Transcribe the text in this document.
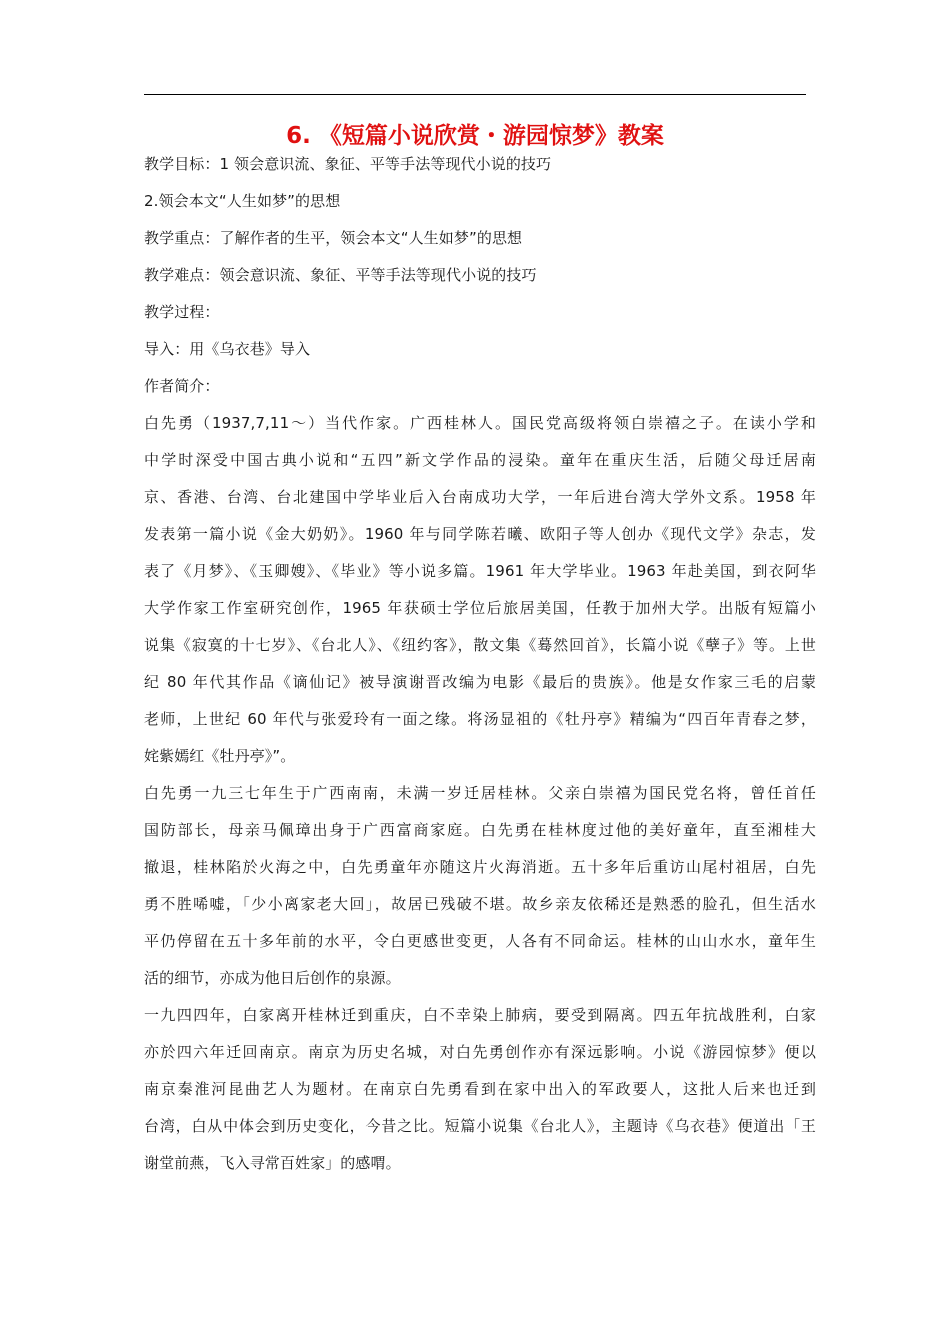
6. 《短篇小说欣赏・游园惊梦》教案
教学目标：1 领会意识流、象征、平等手法等现代小说的技巧
2.领会本文“人生如梦”的思想
教学重点：了解作者的生平，领会本文“人生如梦”的思想
教学难点：领会意识流、象征、平等手法等现代小说的技巧
教学过程：
导入：用《乌衣巷》导入
作者简介：
白先勇（1937,7,11～）当代作家。广西桂林人。国民党高级将领白崇禧之子。在读小学和
中学时深受中国古典小说和“五四”新文学作品的浸染。童年在重庆生活，后随父母迁居南
京、香港、台湾、台北建国中学毕业后入台南成功大学，一年后进台湾大学外文系。1958 年
发表第一篇小说《金大奶奶》。1960 年与同学陈若曦、欧阳子等人创办《现代文学》杂志，发
表了《月梦》、《玉卿嫂》、《毕业》等小说多篇。1961 年大学毕业。1963 年赴美国，到衣阿华
大学作家工作室研究创作，1965 年获硕士学位后旅居美国，任教于加州大学。出版有短篇小
说集《寂寞的十七岁》、《台北人》、《纽约客》，散文集《蓦然回首》，长篇小说《孽子》等。上世
纪 80 年代其作品《谪仙记》被导演谢晋改编为电影《最后的贵族》。他是女作家三毛的启蒙
老师，上世纪 60 年代与张爱玲有一面之缘。将汤显祖的《牡丹亭》精编为“四百年青春之梦，
姹紫嫣红《牡丹亭》”。
白先勇一九三七年生于广西南南，未满一岁迁居桂林。父亲白崇禧为国民党名将，曾任首任
国防部长，母亲马佩璋出身于广西富商家庭。白先勇在桂林度过他的美好童年，直至湘桂大
撤退，桂林陷於火海之中，白先勇童年亦随这片火海消逝。五十多年后重访山尾村祖居，白先
勇不胜唏嘘，「少小离家老大回」，故居已残破不堪。故乡亲友依稀还是熟悉的脸孔，但生活水
平仍停留在五十多年前的水平，令白更感世变更，人各有不同命运。桂林的山山水水，童年生
活的细节，亦成为他日后创作的泉源。
一九四四年，白家离开桂林迁到重庆，白不幸染上肺病，要受到隔离。四五年抗战胜利，白家
亦於四六年迁回南京。南京为历史名城，对白先勇创作亦有深远影响。小说《游园惊梦》便以
南京秦淮河昆曲艺人为题材。在南京白先勇看到在家中出入的军政要人，这批人后来也迁到
台湾，白从中体会到历史变化，今昔之比。短篇小说集《台北人》，主题诗《乌衣巷》便道出「王
谢堂前燕，飞入寻常百姓家」的感喟。
